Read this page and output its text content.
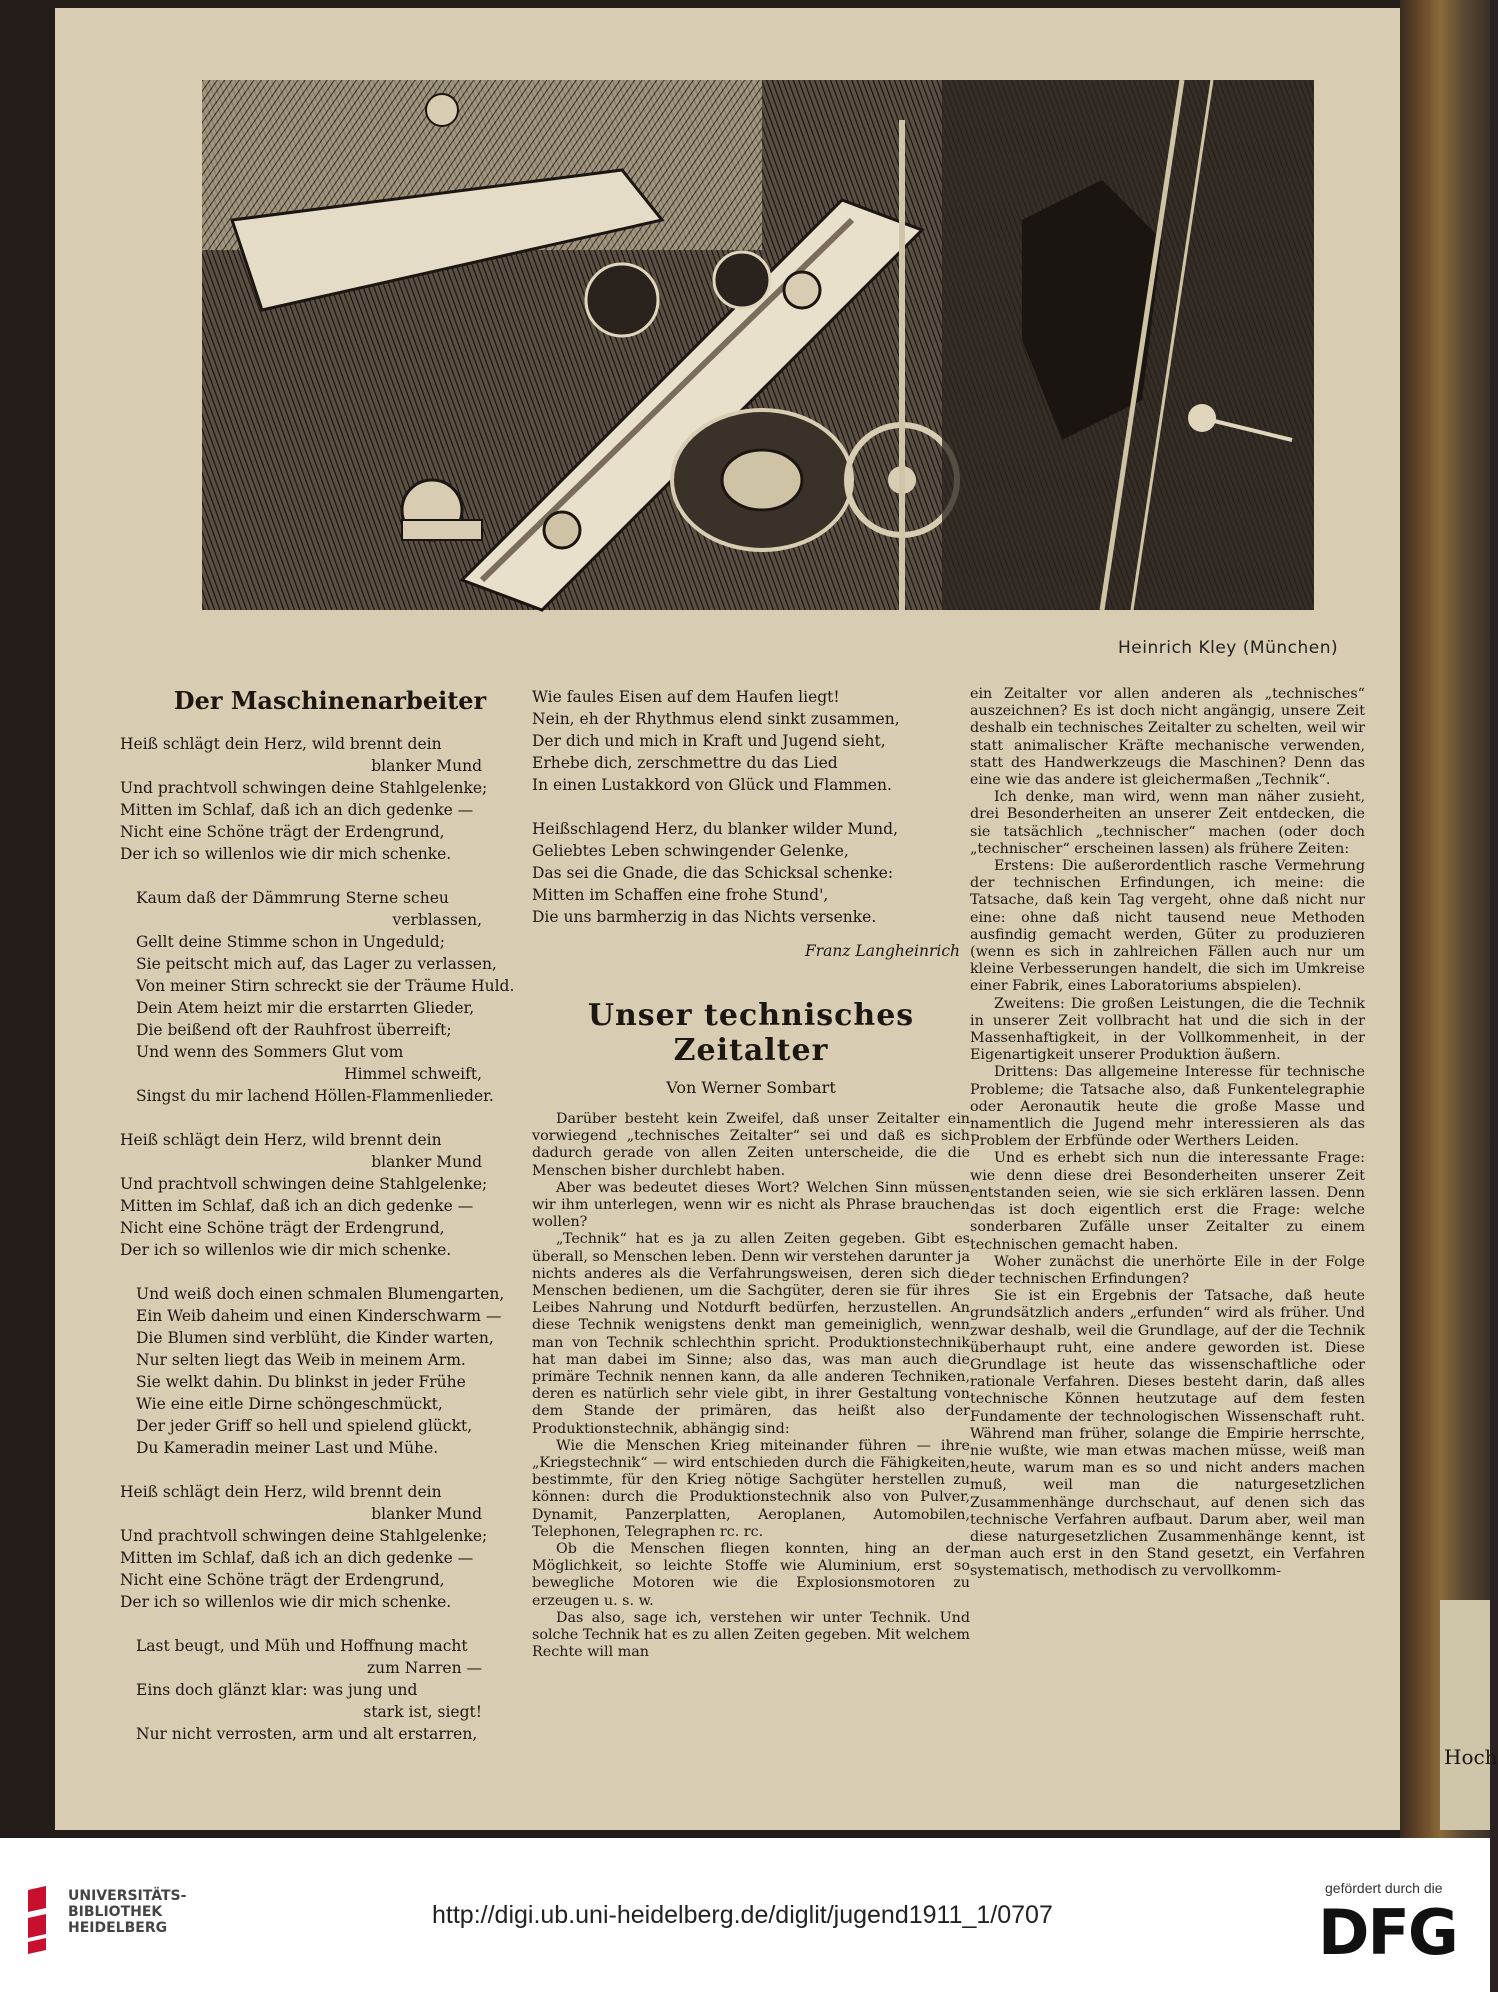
Hoch
Heinrich Kley (München)
Der Maschinenarbeiter
Heiß schlägt dein Herz, wild brennt dein
blanker Mund
Und prachtvoll schwingen deine Stahlgelenke;
Mitten im Schlaf, daß ich an dich gedenke —
Nicht eine Schöne trägt der Erdengrund,
Der ich so willenlos wie dir mich schenke.
Kaum daß der Dämmrung Sterne scheu
verblassen,
Gellt deine Stimme schon in Ungeduld;
Sie peitscht mich auf, das Lager zu verlassen,
Von meiner Stirn schreckt sie der Träume Huld.
Dein Atem heizt mir die erstarrten Glieder,
Die beißend oft der Rauhfrost überreift;
Und wenn des Sommers Glut vom
Himmel schweift,
Singst du mir lachend Höllen-Flammenlieder.
Heiß schlägt dein Herz, wild brennt dein
blanker Mund
Und prachtvoll schwingen deine Stahlgelenke;
Mitten im Schlaf, daß ich an dich gedenke —
Nicht eine Schöne trägt der Erdengrund,
Der ich so willenlos wie dir mich schenke.
Und weiß doch einen schmalen Blumengarten,
Ein Weib daheim und einen Kinderschwarm —
Die Blumen sind verblüht, die Kinder warten,
Nur selten liegt das Weib in meinem Arm.
Sie welkt dahin. Du blinkst in jeder Frühe
Wie eine eitle Dirne schöngeschmückt,
Der jeder Griff so hell und spielend glückt,
Du Kameradin meiner Last und Mühe.
Heiß schlägt dein Herz, wild brennt dein
blanker Mund
Und prachtvoll schwingen deine Stahlgelenke;
Mitten im Schlaf, daß ich an dich gedenke —
Nicht eine Schöne trägt der Erdengrund,
Der ich so willenlos wie dir mich schenke.
Last beugt, und Müh und Hoffnung macht
zum Narren —
Eins doch glänzt klar: was jung und
stark ist, siegt!
Nur nicht verrosten, arm und alt erstarren,
Wie faules Eisen auf dem Haufen liegt!
Nein, eh der Rhythmus elend sinkt zusammen,
Der dich und mich in Kraft und Jugend sieht,
Erhebe dich, zerschmettre du das Lied
In einen Lustakkord von Glück und Flammen.
Heißschlagend Herz, du blanker wilder Mund,
Geliebtes Leben schwingender Gelenke,
Das sei die Gnade, die das Schicksal schenke:
Mitten im Schaffen eine frohe Stund',
Die uns barmherzig in das Nichts versenke.
Franz Langheinrich
Unser technisches Zeitalter
Von Werner Sombart

Darüber besteht kein Zweifel, daß unser Zeitalter ein vorwiegend „technisches Zeitalter“ sei und daß es sich dadurch gerade von allen Zeiten unterscheide, die die Menschen bisher durchlebt haben.

Aber was bedeutet dieses Wort? Welchen Sinn müssen wir ihm unterlegen, wenn wir es nicht als Phrase brauchen wollen?

„Technik“ hat es ja zu allen Zeiten gegeben. Gibt es überall, so Menschen leben. Denn wir verstehen darunter ja nichts anderes als die Verfahrungsweisen, deren sich die Menschen bedienen, um die Sachgüter, deren sie für ihres Leibes Nahrung und Notdurft bedürfen, herzustellen. An diese Technik wenigstens denkt man gemeiniglich, wenn man von Technik schlechthin spricht. Produktionstechnik hat man dabei im Sinne; also das, was man auch die primäre Technik nennen kann, da alle anderen Techniken, deren es natürlich sehr viele gibt, in ihrer Gestaltung von dem Stande der primären, das heißt also der Produktionstechnik, abhängig sind:

Wie die Menschen Krieg miteinander führen — ihre „Kriegstechnik“ — wird entschieden durch die Fähigkeiten, bestimmte, für den Krieg nötige Sachgüter herstellen zu können: durch die Produktionstechnik also von Pulver, Dynamit, Panzerplatten, Aeroplanen, Automobilen, Telephonen, Telegraphen rc. rc.

Ob die Menschen fliegen konnten, hing an der Möglichkeit, so leichte Stoffe wie Aluminium, erst so bewegliche Motoren wie die Explosionsmotoren zu erzeugen u. s. w.

Das also, sage ich, verstehen wir unter Technik. Und solche Technik hat es zu allen Zeiten gegeben. Mit welchem Rechte will man

ein Zeitalter vor allen anderen als „technisches“ auszeichnen? Es ist doch nicht angängig, unsere Zeit deshalb ein technisches Zeitalter zu schelten, weil wir statt animalischer Kräfte mechanische verwenden, statt des Handwerkzeugs die Maschinen? Denn das eine wie das andere ist gleichermaßen „Technik“.

Ich denke, man wird, wenn man näher zusieht, drei Besonderheiten an unserer Zeit entdecken, die sie tatsächlich „technischer“ machen (oder doch „technischer“ erscheinen lassen) als frühere Zeiten:

Erstens: Die außerordentlich rasche Vermehrung der technischen Erfindungen, ich meine: die Tatsache, daß kein Tag vergeht, ohne daß nicht nur eine: ohne daß nicht tausend neue Methoden ausfindig gemacht werden, Güter zu produzieren (wenn es sich in zahlreichen Fällen auch nur um kleine Verbesserungen handelt, die sich im Umkreise einer Fabrik, eines Laboratoriums abspielen).

Zweitens: Die großen Leistungen, die die Technik in unserer Zeit vollbracht hat und die sich in der Massenhaftigkeit, in der Vollkommenheit, in der Eigenartigkeit unserer Produktion äußern.

Drittens: Das allgemeine Interesse für technische Probleme; die Tatsache also, daß Funkentelegraphie oder Aeronautik heute die große Masse und namentlich die Jugend mehr interessieren als das Problem der Erbfünde oder Werthers Leiden.

Und es erhebt sich nun die interessante Frage: wie denn diese drei Besonderheiten unserer Zeit entstanden seien, wie sie sich erklären lassen. Denn das ist doch eigentlich erst die Frage: welche sonderbaren Zufälle unser Zeitalter zu einem technischen gemacht haben.

Woher zunächst die unerhörte Eile in der Folge der technischen Erfindungen?

Sie ist ein Ergebnis der Tatsache, daß heute grundsätzlich anders „erfunden“ wird als früher. Und zwar deshalb, weil die Grundlage, auf der die Technik überhaupt ruht, eine andere geworden ist. Diese Grundlage ist heute das wissenschaftliche oder rationale Verfahren. Dieses besteht darin, daß alles technische Können heutzutage auf dem festen Fundamente der technologischen Wissenschaft ruht. Während man früher, solange die Empirie herrschte, nie wußte, wie man etwas machen müsse, weiß man heute, warum man es so und nicht anders machen muß, weil man die naturgesetzlichen Zusammenhänge durchschaut, auf denen sich das technische Verfahren aufbaut. Darum aber, weil man diese naturgesetzlichen Zusammenhänge kennt, ist man auch erst in den Stand gesetzt, ein Verfahren systematisch, methodisch zu vervollkomm-

UNIVERSITÄTS-
BIBLIOTHEK
HEIDELBERG	http://digi.ub.uni-heidelberg.de/diglit/jugend1911_1/0707
gefördert durch die
DFG
